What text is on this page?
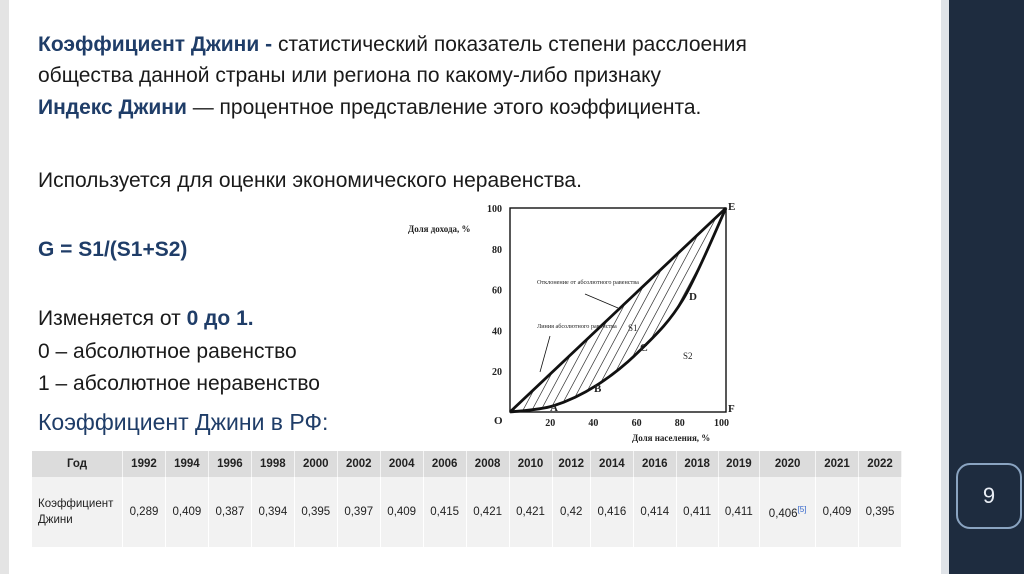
9
Коэффициент Джини - статистический показатель степени расслоения
общества данной страны или региона по какому-либо признаку
Индекс Джини — процентное представление этого коэффициента.
Используется для оценки экономического неравенства.
G = S1/(S1+S2)
Изменяется от 0 до 1.
0 – абсолютное равенство
1 – абсолютное неравенство
Коэффициент Джини в РФ:
20
40
60
80
100
20	40	60	80	100
Доля дохода, %
Доля населения, %
O
A
B
C
D
E
F
S1
S2
Отклонение от абсолютного равенства
Линия абсолютного равенства
Год	1992	1994	1996	1998	2000	2002	2004	2006	2008	2010	2012	2014	2016	2018	2019	2020	2021	2022
Коэффициент
Джини	0,289	0,409	0,387	0,394	0,395	0,397	0,409	0,415	0,421	0,421	0,42	0,416	0,414	0,411	0,411	0,406[5]	0,409	0,395
